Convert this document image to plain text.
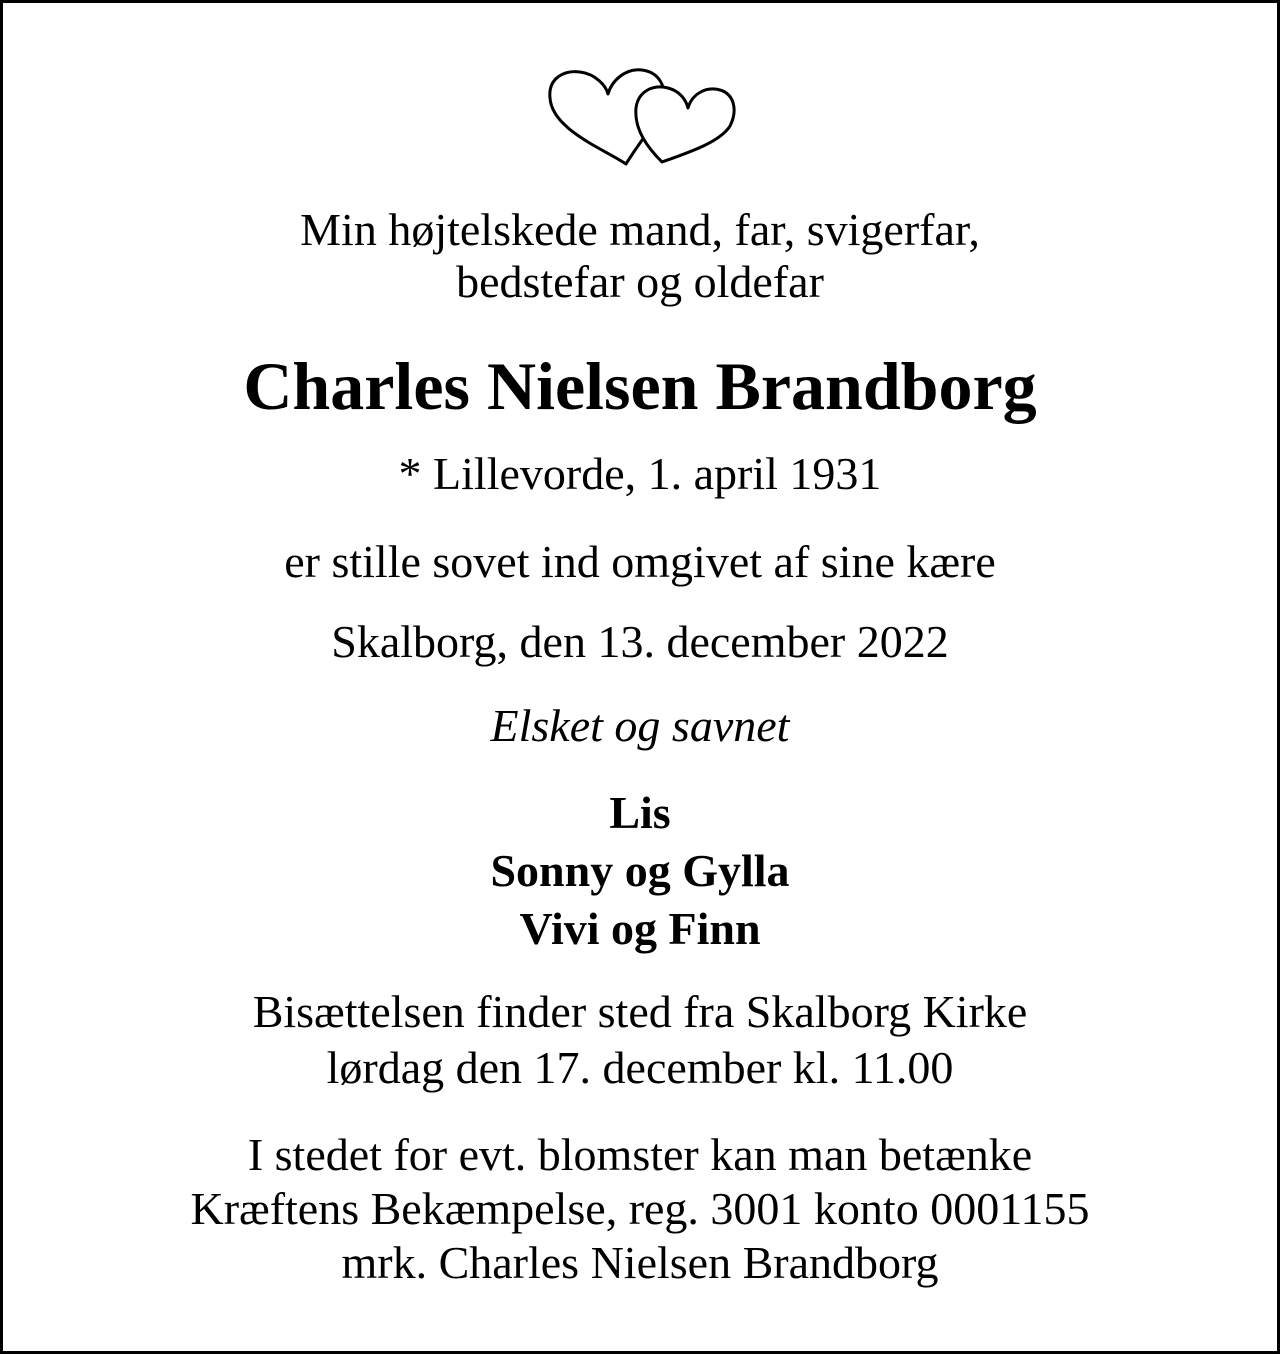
Min højtelskede mand, far, svigerfar,
bedstefar og oldefar

Charles Nielsen Brandborg

* Lillevorde, 1. april 1931

er stille sovet ind omgivet af sine kære

Skalborg, den 13. december 2022

Elsket og savnet

Lis
Sonny og Gylla
Vivi og Finn

Bisættelsen finder sted fra Skalborg Kirke
lørdag den 17. december kl. 11.00

I stedet for evt. blomster kan man betænke
Kræftens Bekæmpelse, reg. 3001 konto 0001155
mrk. Charles Nielsen Brandborg
